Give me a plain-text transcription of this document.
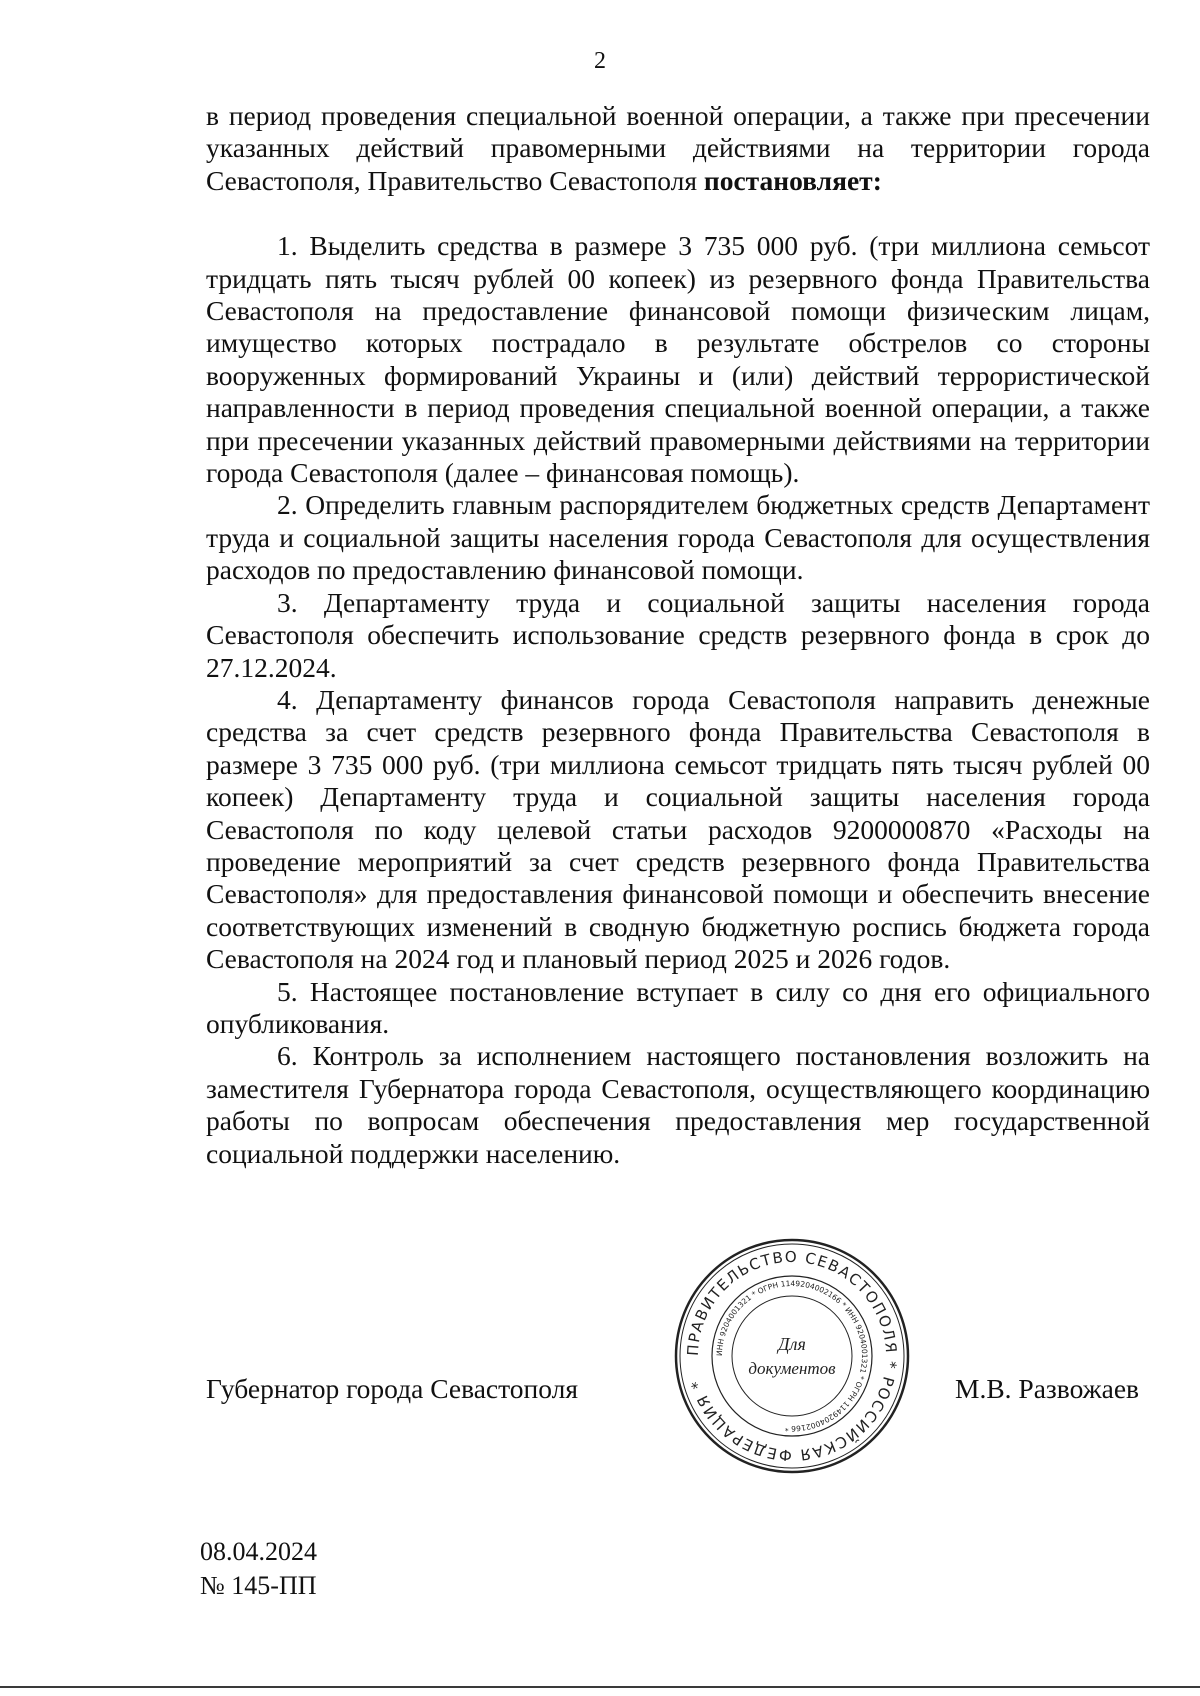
2

в период проведения специальной военной операции, а также при пресечении указанных действий правомерными действиями на территории города Севастополя, Правительство Севастополя постановляет:

1. Выделить средства в размере 3 735 000 руб. (три миллиона семьсот тридцать пять тысяч рублей 00 копеек) из резервного фонда Правительства Севастополя на предоставление финансовой помощи физическим лицам, имущество которых пострадало в результате обстрелов со стороны вооруженных формирований Украины и (или) действий террористической направленности в период проведения специальной военной операции, а также при пресечении указанных действий правомерными действиями на территории города Севастополя (далее – финансовая помощь).

2. Определить главным распорядителем бюджетных средств Департамент труда и социальной защиты населения города Севастополя для осуществления расходов по предоставлению финансовой помощи.

3. Департаменту труда и социальной защиты населения города Севастополя обеспечить использование средств резервного фонда в срок до 27.12.2024.

4. Департаменту финансов города Севастополя направить денежные средства за счет средств резервного фонда Правительства Севастополя в размере 3 735 000 руб. (три миллиона семьсот тридцать пять тысяч рублей 00 копеек) Департаменту труда и социальной защиты населения города Севастополя по коду целевой статьи расходов 9200000870 «Расходы на проведение мероприятий за счет средств резервного фонда Правительства Севастополя» для предоставления финансовой помощи и обеспечить внесение соответствующих изменений в сводную бюджетную роспись бюджета города Севастополя на 2024 год и плановый период 2025 и 2026 годов.

5. Настоящее постановление вступает в силу со дня его официального опубликования.

6. Контроль за исполнением настоящего постановления возложить на заместителя Губернатора города Севастополя, осуществляющего координацию работы по вопросам обеспечения предоставления мер государственной социальной поддержки населению.

Губернатор города Севастополя	М.В. Развожаев
ПРАВИТЕЛЬСТВО СЕВАСТОПОЛЯ * РОССИЙСКАЯ ФЕДЕРАЦИЯ *
ИНН 9204001321 * ОГРН 1149204002166 * ИНН 9204001321 * ОГРН 1149204002166 *
Для
документов
08.04.2024
№ 145-ПП
